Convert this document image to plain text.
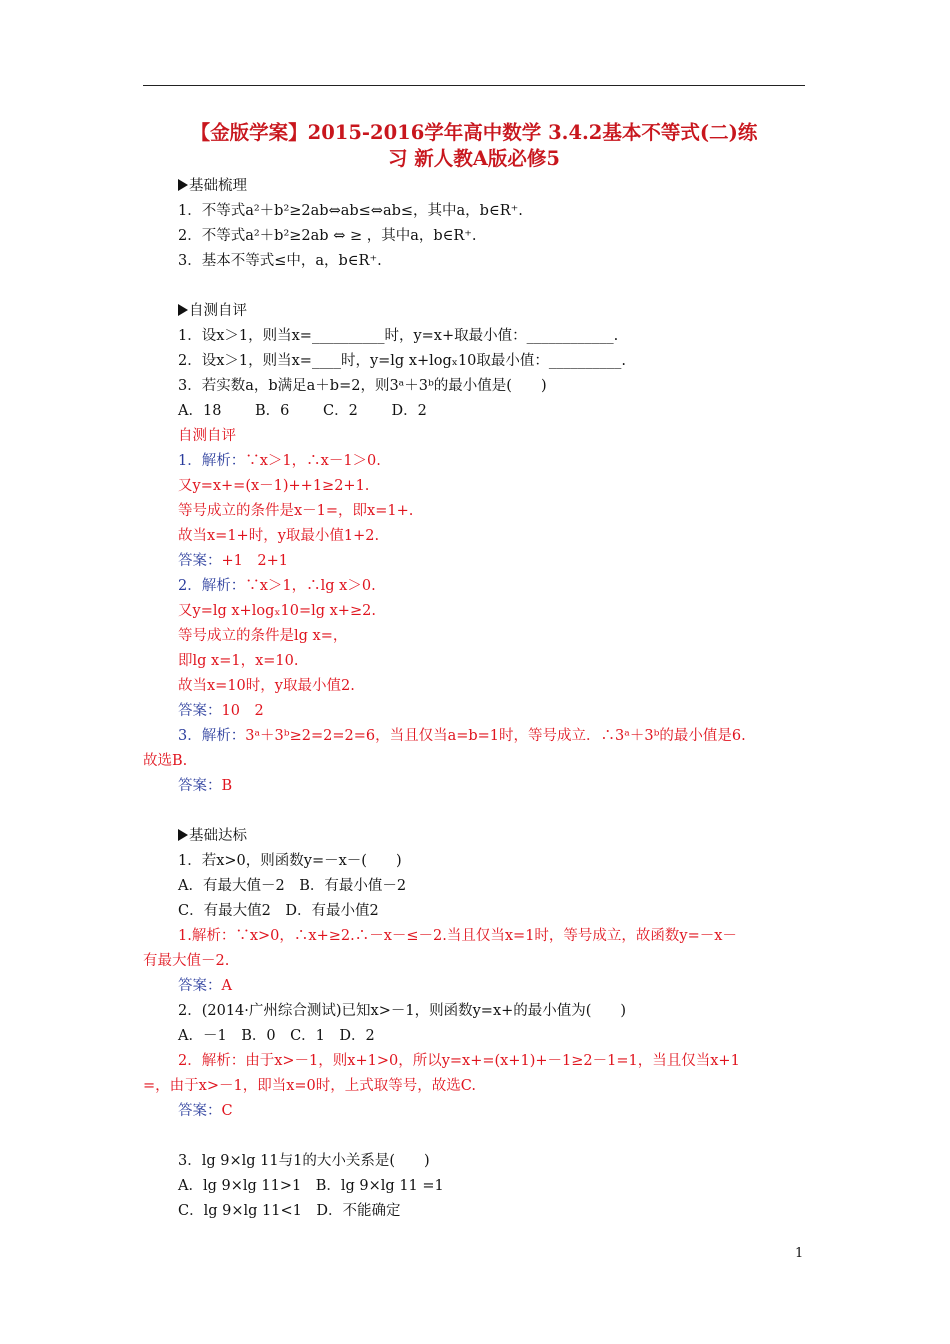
【金版学案】2015-2016学年高中数学 3.4.2基本不等式(二)练
习 新人教A版必修5
基础梳理
1．不等式a²＋b²≥2ab⇔ab≤⇔ab≤，其中a，b∈R⁺.
2．不等式a²＋b²≥2ab ⇔ ≥ ，其中a，b∈R⁺.
3．基本不等式≤中，a，b∈R⁺.
自测自评
1．设x＞1，则当x=__________时，y=x+取最小值：____________.
2．设x＞1，则当x=____时，y=lg x+logₓ10取最小值：__________.
3．若实数a，b满足a＋b=2，则3ᵃ＋3ᵇ的最小值是(　　)
A．18　　 B．6　　 C．2　　 D．2
自测自评
1．解析：∵x＞1，∴x－1＞0.
又y=x+=(x－1)++1≥2+1.
等号成立的条件是x－1=，即x=1+.
故当x=1+时，y取最小值1+2.
答案：+1　2+1
2．解析：∵x＞1，∴lg x＞0.
又y=lg x+logₓ10=lg x+≥2.
等号成立的条件是lg x=，
即lg x=1，x=10.
故当x=10时，y取最小值2.
答案：10　2
3．解析：3ᵃ＋3ᵇ≥2=2=2=6，当且仅当a=b=1时，等号成立．∴3ᵃ＋3ᵇ的最小值是6.
故选B.
答案：B
基础达标
1．若x>0，则函数y=－x－(　　)
A．有最大值－2　B．有最小值－2
C．有最大值2　D．有最小值2
1.解析：∵x>0，∴x+≥2.∴－x－≤－2.当且仅当x=1时，等号成立，故函数y=－x－
有最大值－2.
答案：A
2．(2014·广州综合测试)已知x>－1，则函数y=x+的最小值为(　　)
A．－1　B．0　C．1　D．2
2．解析：由于x>－1，则x+1>0，所以y=x+=(x+1)+－1≥2－1=1，当且仅当x+1
=，由于x>－1，即当x=0时，上式取等号，故选C.
答案：C
3．lg 9×lg 11与1的大小关系是(　　)
A．lg 9×lg 11>1　B．lg 9×lg 11 =1
C．lg 9×lg 11<1　D．不能确定
1
